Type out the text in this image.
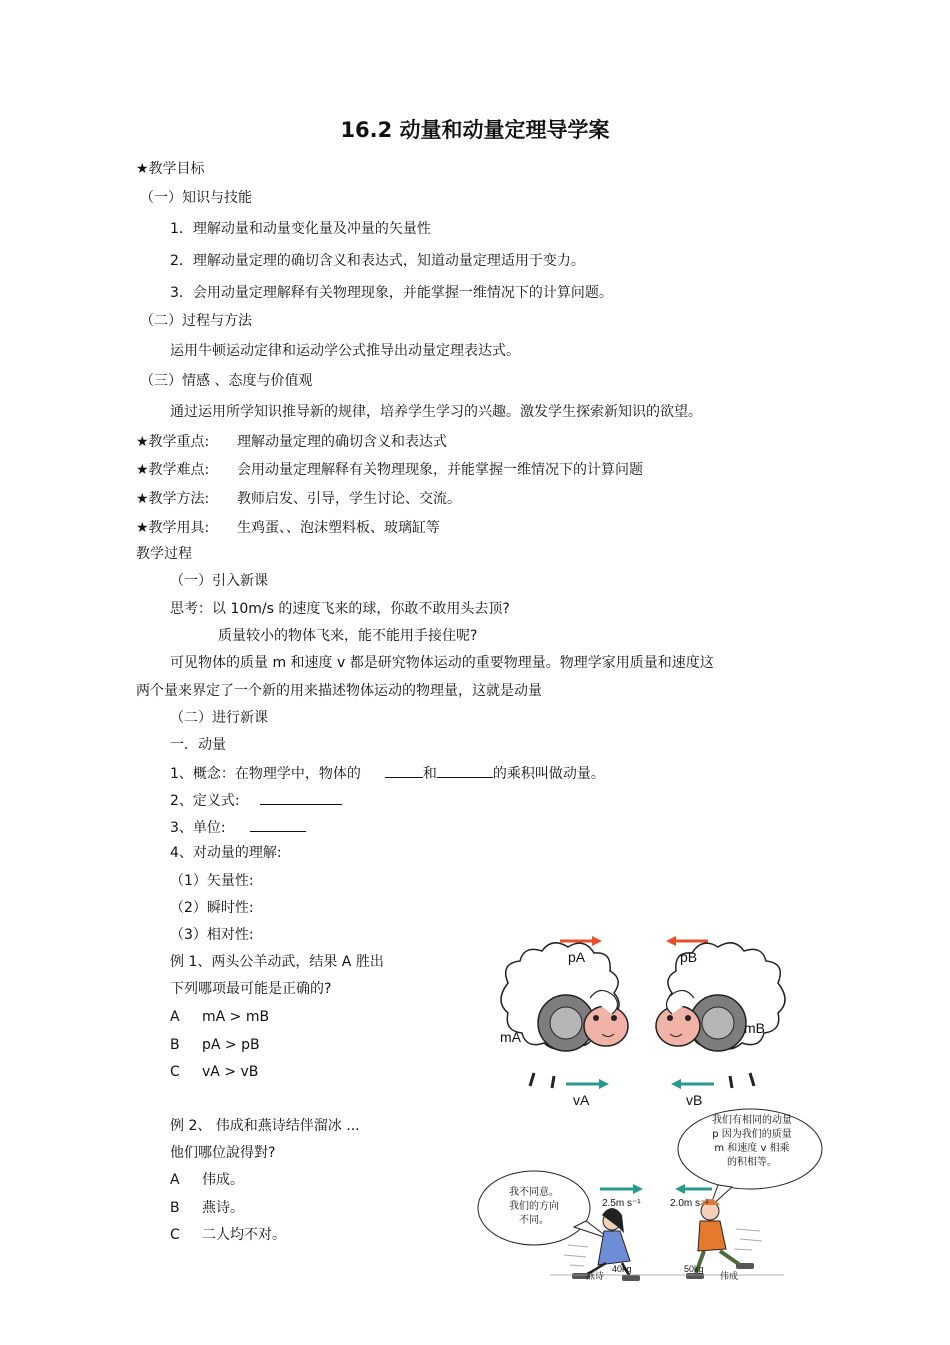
16.2 动量和动量定理导学案
★教学目标
（一）知识与技能
1．理解动量和动量变化量及冲量的矢量性
2．理解动量定理的确切含义和表达式，知道动量定理适用于变力。
3．会用动量定理解释有关物理现象，并能掌握一维情况下的计算问题。
（二）过程与方法
运用牛顿运动定律和运动学公式推导出动量定理表达式。
（三）情感 、态度与价值观
通过运用所学知识推导新的规律，培养学生学习的兴趣。激发学生探索新知识的欲望。
★教学重点: 理解动量定理的确切含义和表达式
★教学难点: 会用动量定理解释有关物理现象，并能掌握一维情况下的计算问题
★教学方法: 教师启发、引导，学生讨论、交流。
★教学用具: 生鸡蛋、、泡沫塑料板、玻璃缸等
教学过程
（一）引入新课
思考：以 10m/s 的速度飞来的球，你敢不敢用头去顶?
质量较小的物体飞来，能不能用手接住呢?
可见物体的质量 m 和速度 v 都是研究物体运动的重要物理量。物理学家用质量和速度这
两个量来界定了一个新的用来描述物体运动的物理量，这就是动量
（二）进行新课
一．动量
1、概念：在物理学中，物体的	和	的乘积叫做动量。
2、定义式:
3、单位:
4、对动量的理解:
（1）矢量性:
（2）瞬时性:
（3）相对性:
例 1、两头公羊动武，结果 A 胜出
下列哪项最可能是正确的?
A mA > mB
B pA > pB
C vA > vB
例 2、 伟成和燕诗结伴溜冰 ...
他们哪位說得對?
A 伟成。
B 燕诗。
C 二人均不对。
pA	pB
mA
mB
vA	vB
我们有相同的动量
p 因为我们的质量
m 和速度 v 相乘
的积相等。
我不同意。
我们的方向
不同。
2.5m s⁻¹	2.0m s⁻¹
40kg	50kg
燕诗	伟成
